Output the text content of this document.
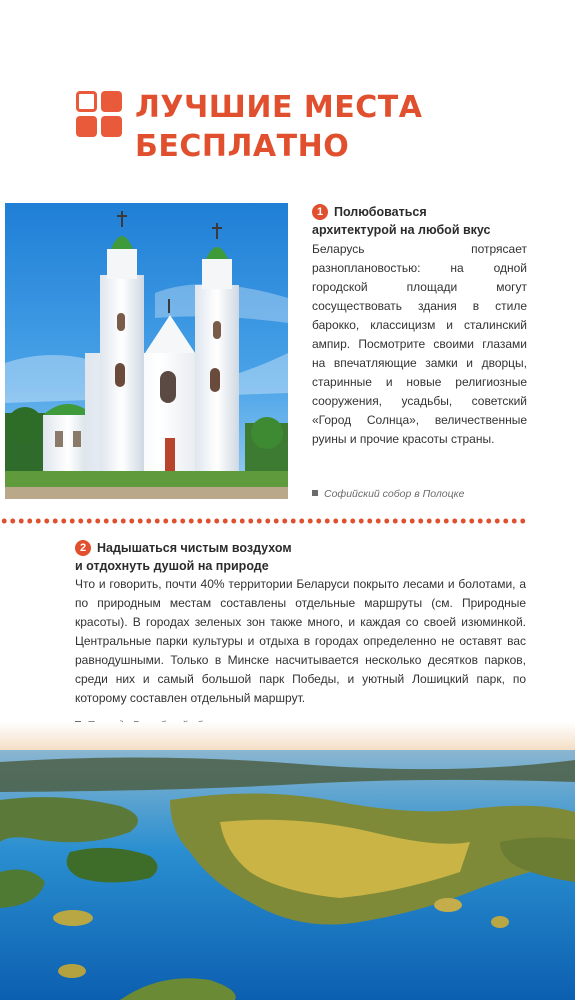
ЛУЧШИЕ МЕСТА
БЕСПЛАТНО
1 Полюбоваться
архитектурой на любой вкус
Беларусь потрясает разноплановостью: на одной городской площади могут сосуществовать здания в стиле барокко, классицизм и сталинский ампир. Посмотрите своими глазами на впечатляющие замки и дворцы, старинные и новые религиозные сооружения, усадьбы, советский «Город Солнца», величественные руины и прочие красоты страны.
Софийский собор в Полоцке
2 Надышаться чистым воздухом
и отдохнуть душой на природе
Что и говорить, почти 40% территории Беларуси покрыто лесами и болотами, а по природным местам составлены отдельные маршруты (см. Природные красоты). В городах зеленых зон также много, и каждая со своей изюминкой. Центральные парки культуры и отдыха в городах определенно не оставят вас равнодушными. Только в Минске насчитывается несколько десятков парков, среди них и самый большой парк Победы, и уютный Лошицкий парк, по которому составлен отдельный маршрут.
